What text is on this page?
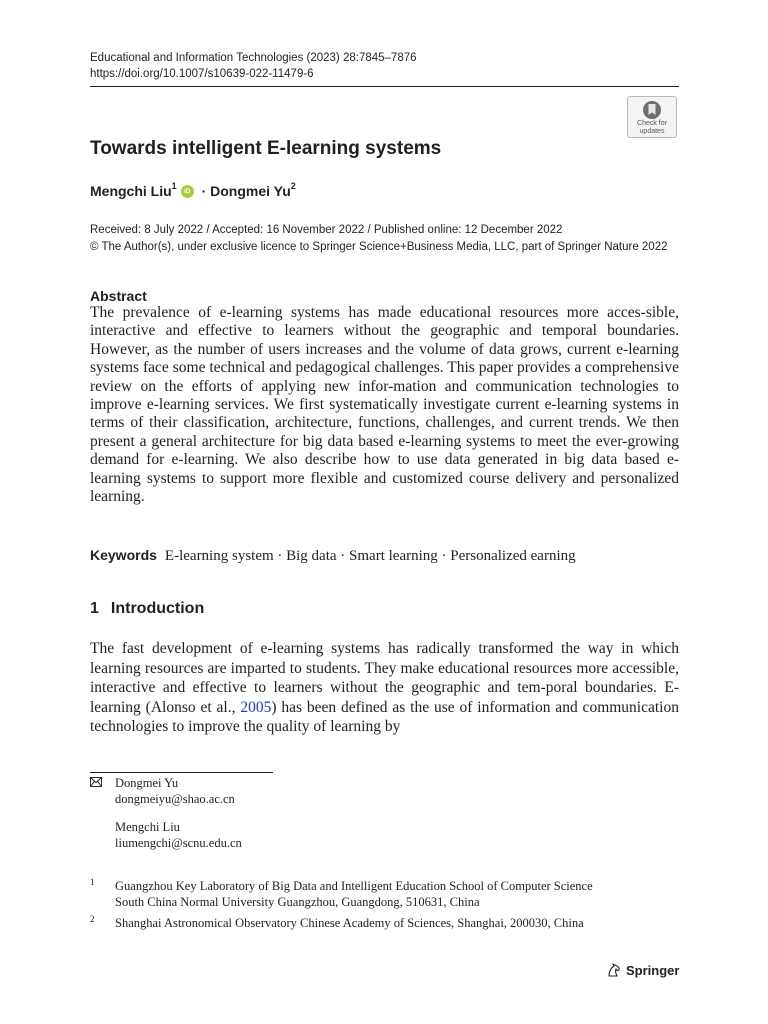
Educational and Information Technologies (2023) 28:7845–7876
https://doi.org/10.1007/s10639-022-11479-6
Check for
updates
Towards intelligent E-learning systems
Mengchi Liu$^1$	iD · Dongmei Yu$^2$
Received: 8 July 2022 / Accepted: 16 November 2022 / Published online: 12 December 2022
© The Author(s), under exclusive licence to Springer Science+Business Media, LLC, part of Springer Nature 2022
Abstract
The prevalence of e-learning systems has made educational resources more acces-sible, interactive and effective to learners without the geographic and temporal boundaries. However, as the number of users increases and the volume of data grows, current e-learning systems face some technical and pedagogical challenges. This paper provides a comprehensive review on the efforts of applying new infor-mation and communication technologies to improve e-learning services. We first systematically investigate current e-learning systems in terms of their classification, architecture, functions, challenges, and current trends. We then present a general architecture for big data based e-learning systems to meet the ever-growing demand for e-learning. We also describe how to use data generated in big data based e-learning systems to support more flexible and customized course delivery and personalized learning.
Keywords E-learning system · Big data · Smart learning · Personalized earning
1 Introduction
The fast development of e-learning systems has radically transformed the way in which learning resources are imparted to students. They make educational resources more accessible, interactive and effective to learners without the geographic and tem-poral boundaries. E-learning (Alonso et al., 2005) has been defined as the use of information and communication technologies to improve the quality of learning by
Dongmei Yu
dongmeiyu@shao.ac.cn
Mengchi Liu
liumengchi@scnu.edu.cn
1 Guangzhou Key Laboratory of Big Data and Intelligent Education School of Computer Science
South China Normal University Guangzhou, Guangdong, 510631, China
2 Shanghai Astronomical Observatory Chinese Academy of Sciences, Shanghai, 200030, China
Springer
